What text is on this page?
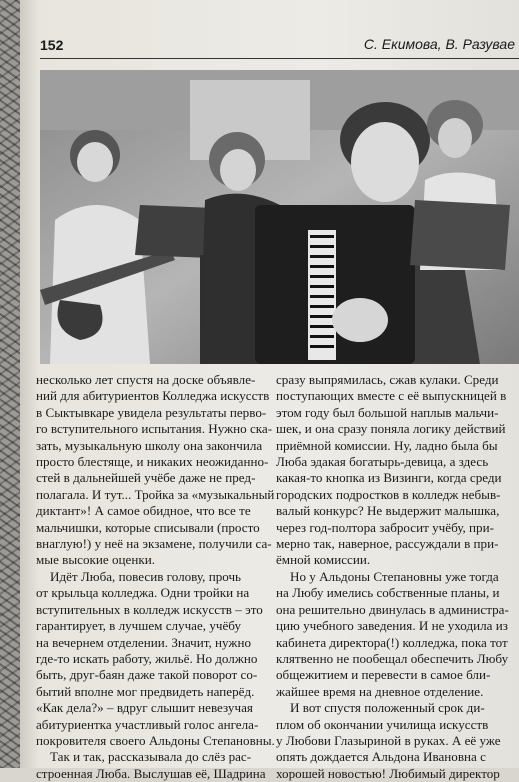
152	С. Екимова, В. Разувае
несколько лет спустя на доске объявле-
ний для абитуриентов Колледжа искусств
в Сыктывкаре увидела результаты перво-
го вступительного испытания. Нужно ска-
зать, музыкальную школу она закончила
просто блестяще, и никаких неожиданно-
стей в дальнейшей учёбе даже не пред-
полагала. И тут... Тройка за «музыкальный
диктант»! А самое обидное, что все те
мальчишки, которые списывали (просто
внаглую!) у неё на экзамене, получили са-
мые высокие оценки.
Идёт Люба, повесив голову, прочь
от крыльца колледжа. Одни тройки на
вступительных в колледж искусств – это
гарантирует, в лучшем случае, учёбу
на вечернем отделении. Значит, нужно
где-то искать работу, жильё. Но должно
быть, друг-баян даже такой поворот со-
бытий вполне мог предвидеть наперёд.
«Как дела?» – вдруг слышит невезучая
абитуриентка участливый голос ангела-
покровителя своего Альдоны Степановны.
Так и так, рассказывала до слёз рас-
строенная Люба. Выслушав её, Шадрина
сразу выпрямилась, сжав кулаки. Среди
поступающих вместе с её выпускницей в
этом году был большой наплыв мальчи-
шек, и она сразу поняла логику действий
приёмной комиссии. Ну, ладно была бы
Люба эдакая богатырь-девица, а здесь
какая-то кнопка из Визинги, когда среди
городских подростков в колледж небыв-
валый конкурс? Не выдержит малышка,
через год-полтора забросит учёбу, при-
мерно так, наверное, рассуждали в при-
ёмной комиссии.
Но у Альдоны Степановны уже тогда
на Любу имелись собственные планы, и
она решительно двинулась в администра-
цию учебного заведения. И не уходила из
кабинета директора(!) колледжа, пока тот
клятвенно не пообещал обеспечить Любу
общежитием и перевести в самое бли-
жайшее время на дневное отделение.
И вот спустя положенный срок ди-
плом об окончании училища искусств
у Любови Глазыриной в руках. А её уже
опять дождается Альдона Ивановна с
хорошей новостью! Любимый директор
